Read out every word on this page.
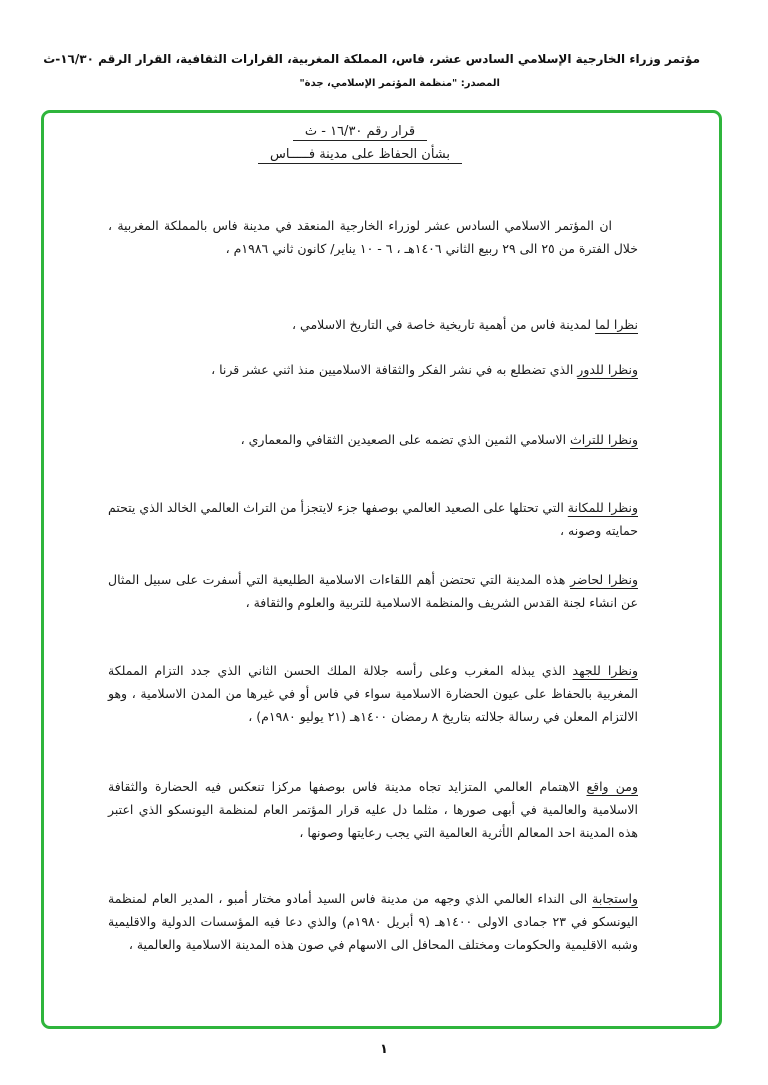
مؤتمر وزراء الخارجية الإسلامي السادس عشر، فاس، المملكة المغربية، القرارات الثقافية، القرار الرقم ١٦/٣٠-ث
المصدر: "منظمة المؤتمر الإسلامي، جدة"
قرار رقم ١٦/٣٠ - ث
بشأن الحفاظ على مدينة فـــــاس
ان المؤتمر الاسلامي السادس عشر لوزراء الخارجية المنعقد في مدينة فاس بالمملكة المغربية ، خلال الفترة من ٢٥ الى ٢٩ ربيع الثاني ١٤٠٦هـ ، ٦ - ١٠ يناير/ كانون ثاني ١٩٨٦م ،
نظرا لما لمدينة فاس من أهمية تاريخية خاصة في التاريخ الاسلامي ،
ونظرا للدور الذي تضطلع به في نشر الفكر والثقافة الاسلاميين منذ اثني عشر قرنا ،
ونظرا للتراث الاسلامي الثمين الذي تضمه على الصعيدين الثقافي والمعماري ،
ونظرا للمكانة التي تحتلها على الصعيد العالمي بوصفها جزء لايتجزأ من التراث العالمي الخالد الذي يتحتم حمايته وصونه ،
ونظرا لحاضر هذه المدينة التي تحتضن أهم اللقاءات الاسلامية الطليعية التي أسفرت على سبيل المثال عن انشاء لجنة القدس الشريف والمنظمة الاسلامية للتربية والعلوم والثقافة ،
ونظرا للجهد الذي يبذله المغرب وعلى رأسه جلالة الملك الحسن الثاني الذي جدد التزام المملكة المغربية بالحفاظ على عيون الحضارة الاسلامية سواء في فاس أو في غيرها من المدن الاسلامية ، وهو الالتزام المعلن في رسالة جلالته بتاريخ ٨ رمضان ١٤٠٠هـ (٢١ يوليو ١٩٨٠م) ،
ومن واقع الاهتمام العالمي المتزايد تجاه مدينة فاس بوصفها مركزا تنعكس فيه الحضارة والثقافة الاسلامية والعالمية في أبهى صورها ، مثلما دل عليه قرار المؤتمر العام لمنظمة اليونسكو الذي اعتبر هذه المدينة احد المعالم الأثرية العالمية التي يجب رعايتها وصونها ،
واستجابة الى النداء العالمي الذي وجهه من مدينة فاس السيد أمادو مختار أمبو ، المدير العام لمنظمة اليونسكو في ٢٣ جمادى الاولى ١٤٠٠هـ (٩ أبريل ١٩٨٠م) والذي دعا فيه المؤسسات الدولية والاقليمية وشبه الاقليمية والحكومات ومختلف المحافل الى الاسهام في صون هذه المدينة الاسلامية والعالمية ،
١
